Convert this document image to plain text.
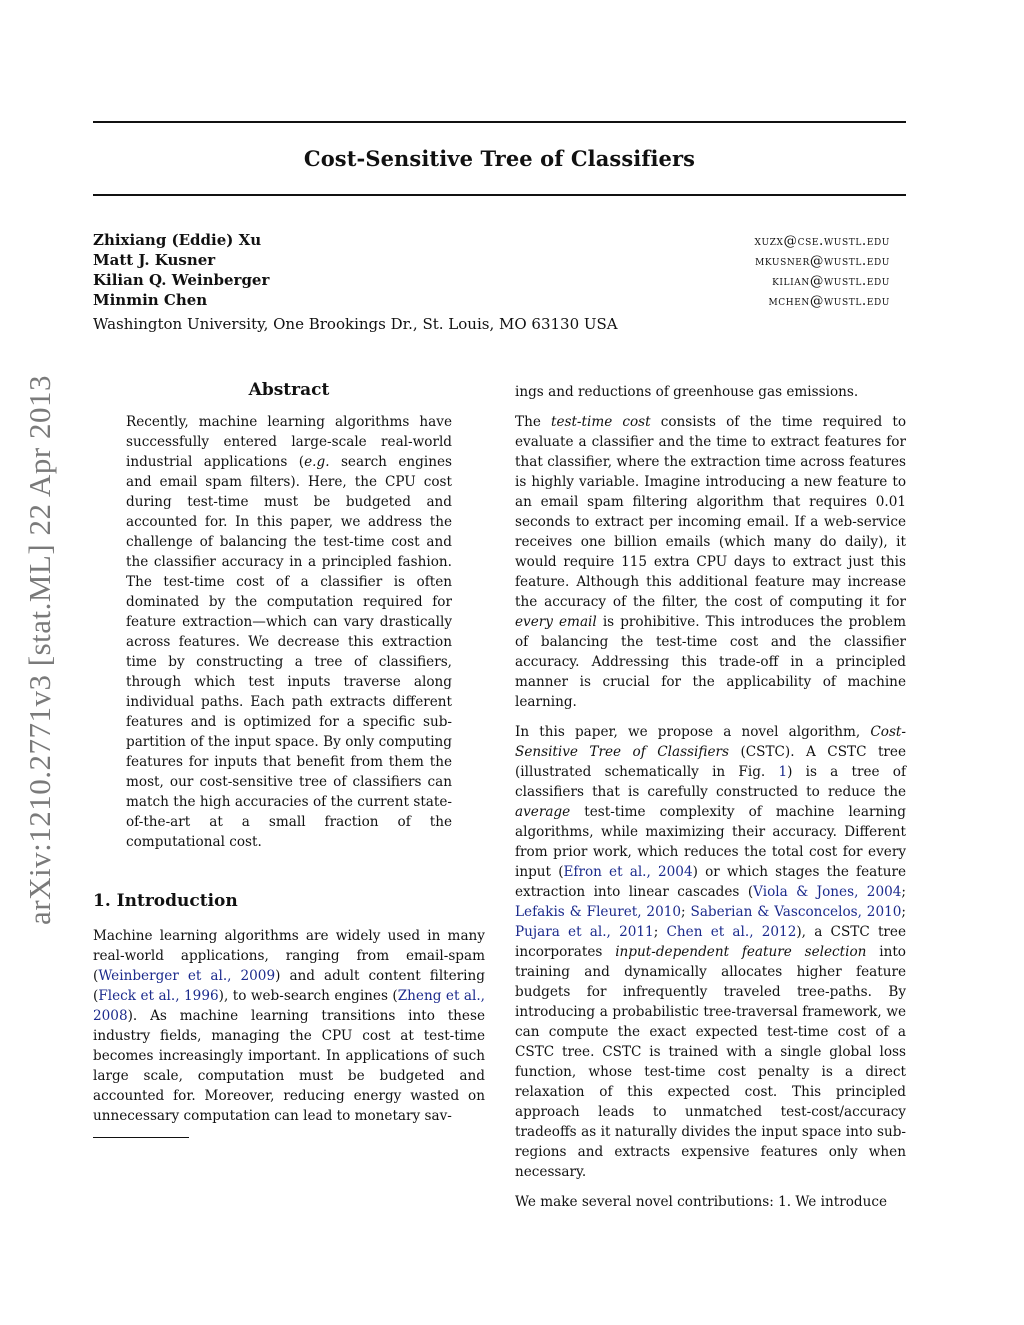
Cost-Sensitive Tree of Classifiers
Zhixiang (Eddie) Xu	xuzx@cse.wustl.edu
Matt J. Kusner	mkusner@wustl.edu
Kilian Q. Weinberger	kilian@wustl.edu
Minmin Chen	mchen@wustl.edu
Washington University, One Brookings Dr., St. Louis, MO 63130 USA
arXiv:1210.2771v3 [stat.ML] 22 Apr 2013	Abstract

Recently, machine learning algorithms have successfully entered large-scale real-world industrial applications (e.g. search engines and email spam filters). Here, the CPU cost during test-time must be budgeted and accounted for. In this paper, we address the challenge of balancing the test-time cost and the classifier accuracy in a principled fashion. The test-time cost of a classifier is often dominated by the computation required for feature extraction—which can vary drastically across features. We decrease this extraction time by constructing a tree of classifiers, through which test inputs traverse along individual paths. Each path extracts different features and is optimized for a specific sub-partition of the input space. By only computing features for inputs that benefit from them the most, our cost-sensitive tree of classifiers can match the high accuracies of the current state-of-the-art at a small fraction of the computational cost.

1. Introduction

Machine learning algorithms are widely used in many real-world applications, ranging from email-spam (Weinberger et al., 2009) and adult content filtering (Fleck et al., 1996), to web-search engines (Zheng et al., 2008). As machine learning transitions into these industry fields, managing the CPU cost at test-time becomes increasingly important. In applications of such large scale, computation must be budgeted and accounted for. Moreover, reducing energy wasted on unnecessary computation can lead to monetary sav-

ings and reductions of greenhouse gas emissions.

The test-time cost consists of the time required to evaluate a classifier and the time to extract features for that classifier, where the extraction time across features is highly variable. Imagine introducing a new feature to an email spam filtering algorithm that requires 0.01 seconds to extract per incoming email. If a web-service receives one billion emails (which many do daily), it would require 115 extra CPU days to extract just this feature. Although this additional feature may increase the accuracy of the filter, the cost of computing it for every email is prohibitive. This introduces the problem of balancing the test-time cost and the classifier accuracy. Addressing this trade-off in a principled manner is crucial for the applicability of machine learning.

In this paper, we propose a novel algorithm, Cost-Sensitive Tree of Classifiers (CSTC). A CSTC tree (illustrated schematically in Fig. 1) is a tree of classifiers that is carefully constructed to reduce the average test-time complexity of machine learning algorithms, while maximizing their accuracy. Different from prior work, which reduces the total cost for every input (Efron et al., 2004) or which stages the feature extraction into linear cascades (Viola & Jones, 2004; Lefakis & Fleuret, 2010; Saberian & Vasconcelos, 2010; Pujara et al., 2011; Chen et al., 2012), a CSTC tree incorporates input-dependent feature selection into training and dynamically allocates higher feature budgets for infrequently traveled tree-paths. By introducing a probabilistic tree-traversal framework, we can compute the exact expected test-time cost of a CSTC tree. CSTC is trained with a single global loss function, whose test-time cost penalty is a direct relaxation of this expected cost. This principled approach leads to unmatched test-cost/accuracy tradeoffs as it naturally divides the input space into sub-regions and extracts expensive features only when necessary.

We make several novel contributions: 1. We introduce
